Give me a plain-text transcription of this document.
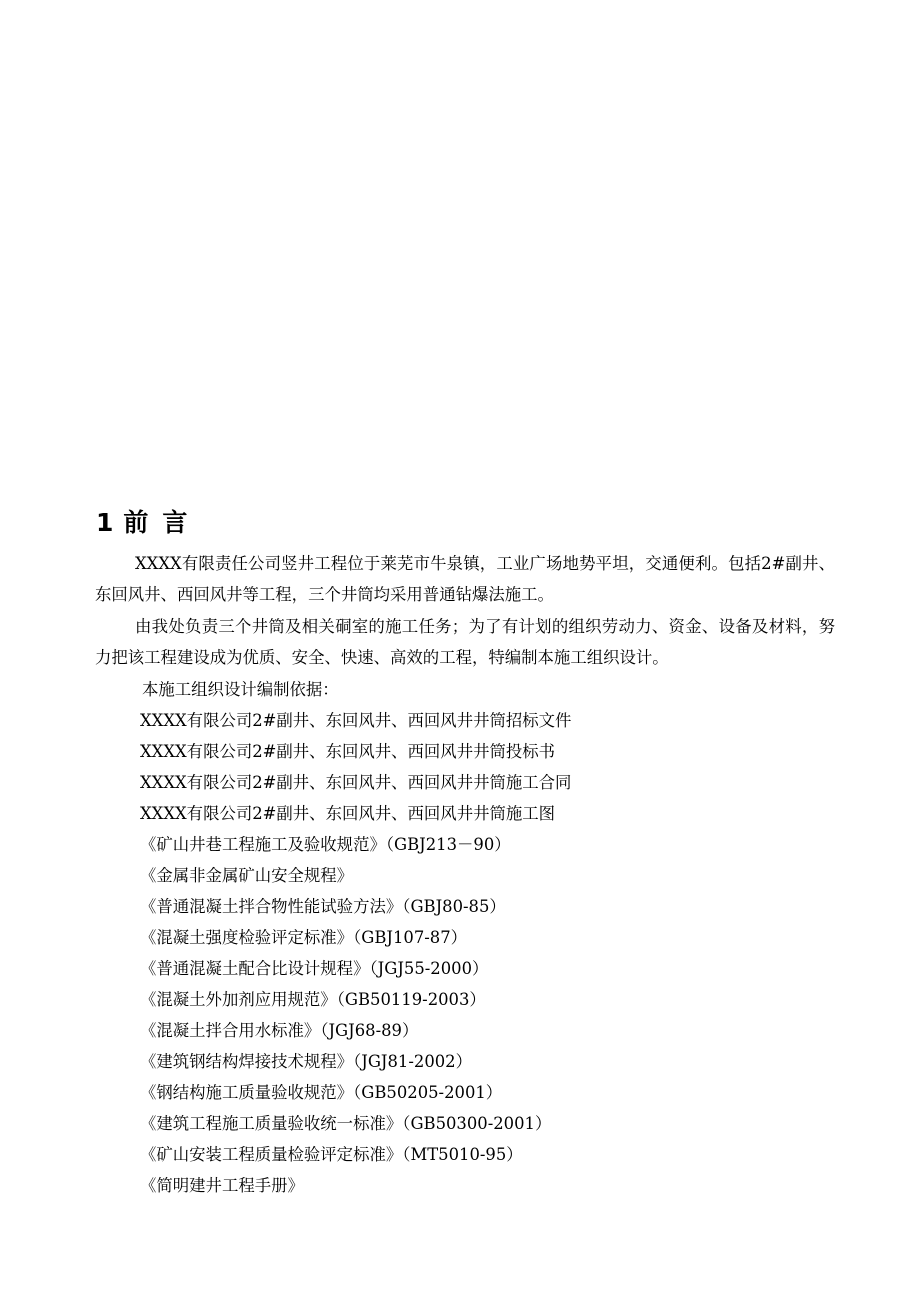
1 前言

XXXX有限责任公司竖井工程位于莱芜市牛泉镇，工业广场地势平坦，交通便利。包括2#副井、东回风井、西回风井等工程，三个井筒均采用普通钻爆法施工。

由我处负责三个井筒及相关硐室的施工任务；为了有计划的组织劳动力、资金、设备及材料，努力把该工程建设成为优质、安全、快速、高效的工程，特编制本施工组织设计。

本施工组织设计编制依据：
XXXX有限公司2#副井、东回风井、西回风井井筒招标文件
XXXX有限公司2#副井、东回风井、西回风井井筒投标书
XXXX有限公司2#副井、东回风井、西回风井井筒施工合同
XXXX有限公司2#副井、东回风井、西回风井井筒施工图
《矿山井巷工程施工及验收规范》（GBJ213－90）
《金属非金属矿山安全规程》
《普通混凝土拌合物性能试验方法》（GBJ80-85）
《混凝土强度检验评定标准》（GBJ107-87）
《普通混凝土配合比设计规程》（JGJ55-2000）
《混凝土外加剂应用规范》（GB50119-2003）
《混凝土拌合用水标准》（JGJ68-89）
《建筑钢结构焊接技术规程》（JGJ81-2002）
《钢结构施工质量验收规范》（GB50205-2001）
《建筑工程施工质量验收统一标准》（GB50300-2001）
《矿山安装工程质量检验评定标准》（MT5010-95）
《简明建井工程手册》
